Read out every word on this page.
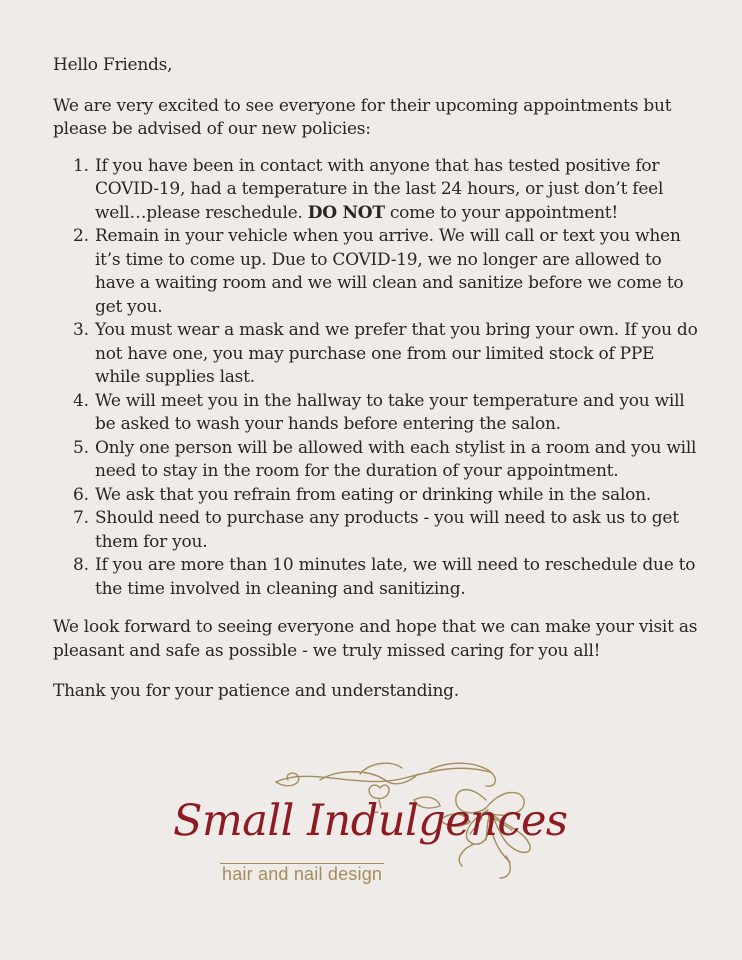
Hello Friends,

We are very excited to see everyone for their upcoming appointments but please be advised of our new policies:

1. If you have been in contact with anyone that has tested positive for COVID-19, had a temperature in the last 24 hours, or just don’t feel well…please reschedule. DO NOT come to your appointment!
2. Remain in your vehicle when you arrive. We will call or text you when it’s time to come up. Due to COVID-19, we no longer are allowed to have a waiting room and we will clean and sanitize before we come to get you.
3. You must wear a mask and we prefer that you bring your own. If you do not have one, you may purchase one from our limited stock of PPE while supplies last.
4. We will meet you in the hallway to take your temperature and you will be asked to wash your hands before entering the salon.
5. Only one person will be allowed with each stylist in a room and you will need to stay in the room for the duration of your appointment.
6. We ask that you refrain from eating or drinking while in the salon.
7. Should need to purchase any products - you will need to ask us to get them for you.
8. If you are more than 10 minutes late, we will need to reschedule due to the time involved in cleaning and sanitizing.

We look forward to seeing everyone and hope that we can make your visit as pleasant and safe as possible - we truly missed caring for you all!

Thank you for your patience and understanding.

Small Indulgences
hair and nail design
